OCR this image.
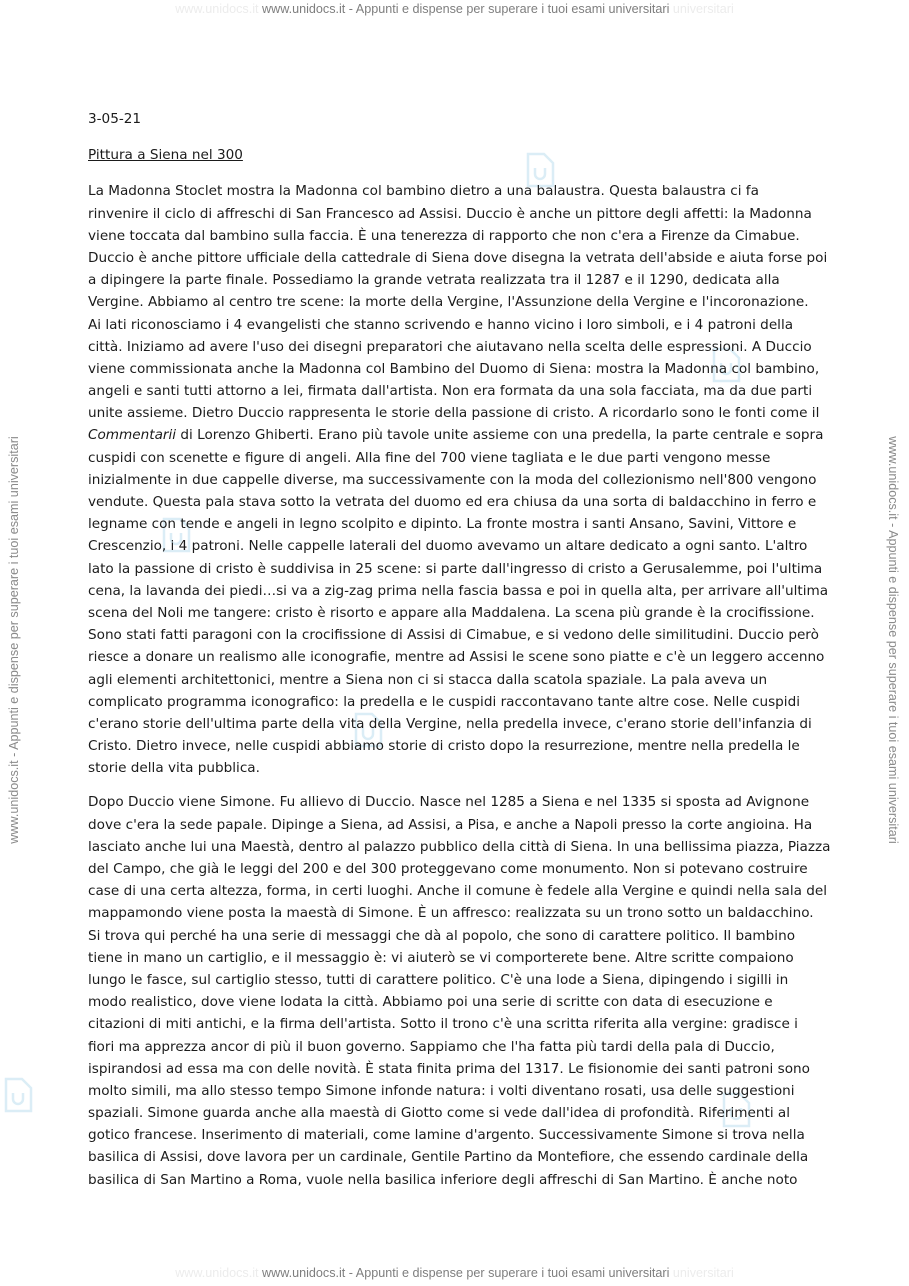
www.unidocs.it www.unidocs.it - Appunti e dispense per superare i tuoi esami universitari universitari
www.unidocs.it - Appunti e dispense per superare i tuoi esami universitari	www.unidocs.it - Appunti e dispense per superare i tuoi esami universitari
3-05-21
Pittura a Siena nel 300
La Madonna Stoclet mostra la Madonna col bambino dietro a una balaustra. Questa balaustra ci fa
rinvenire il ciclo di affreschi di San Francesco ad Assisi. Duccio è anche un pittore degli affetti: la Madonna
viene toccata dal bambino sulla faccia. È una tenerezza di rapporto che non c'era a Firenze da Cimabue.
Duccio è anche pittore ufficiale della cattedrale di Siena dove disegna la vetrata dell'abside e aiuta forse poi
a dipingere la parte finale. Possediamo la grande vetrata realizzata tra il 1287 e il 1290, dedicata alla
Vergine. Abbiamo al centro tre scene: la morte della Vergine, l'Assunzione della Vergine e l'incoronazione.
Ai lati riconosciamo i 4 evangelisti che stanno scrivendo e hanno vicino i loro simboli, e i 4 patroni della
città. Iniziamo ad avere l'uso dei disegni preparatori che aiutavano nella scelta delle espressioni. A Duccio
viene commissionata anche la Madonna col Bambino del Duomo di Siena: mostra la Madonna col bambino,
angeli e santi tutti attorno a lei, firmata dall'artista. Non era formata da una sola facciata, ma da due parti
unite assieme. Dietro Duccio rappresenta le storie della passione di cristo. A ricordarlo sono le fonti come il
Commentarii di Lorenzo Ghiberti. Erano più tavole unite assieme con una predella, la parte centrale e sopra
cuspidi con scenette e figure di angeli. Alla fine del 700 viene tagliata e le due parti vengono messe
inizialmente in due cappelle diverse, ma successivamente con la moda del collezionismo nell'800 vengono
vendute. Questa pala stava sotto la vetrata del duomo ed era chiusa da una sorta di baldacchino in ferro e
legname con tende e angeli in legno scolpito e dipinto. La fronte mostra i santi Ansano, Savini, Vittore e
Crescenzio, i 4 patroni. Nelle cappelle laterali del duomo avevamo un altare dedicato a ogni santo. L'altro
lato la passione di cristo è suddivisa in 25 scene: si parte dall'ingresso di cristo a Gerusalemme, poi l'ultima
cena, la lavanda dei piedi…si va a zig-zag prima nella fascia bassa e poi in quella alta, per arrivare all'ultima
scena del Noli me tangere: cristo è risorto e appare alla Maddalena. La scena più grande è la crocifissione.
Sono stati fatti paragoni con la crocifissione di Assisi di Cimabue, e si vedono delle similitudini. Duccio però
riesce a donare un realismo alle iconografie, mentre ad Assisi le scene sono piatte e c'è un leggero accenno
agli elementi architettonici, mentre a Siena non ci si stacca dalla scatola spaziale. La pala aveva un
complicato programma iconografico: la predella e le cuspidi raccontavano tante altre cose. Nelle cuspidi
c'erano storie dell'ultima parte della vita della Vergine, nella predella invece, c'erano storie dell'infanzia di
Cristo. Dietro invece, nelle cuspidi abbiamo storie di cristo dopo la resurrezione, mentre nella predella le
storie della vita pubblica.
Dopo Duccio viene Simone. Fu allievo di Duccio. Nasce nel 1285 a Siena e nel 1335 si sposta ad Avignone
dove c'era la sede papale. Dipinge a Siena, ad Assisi, a Pisa, e anche a Napoli presso la corte angioina. Ha
lasciato anche lui una Maestà, dentro al palazzo pubblico della città di Siena. In una bellissima piazza, Piazza
del Campo, che già le leggi del 200 e del 300 proteggevano come monumento. Non si potevano costruire
case di una certa altezza, forma, in certi luoghi. Anche il comune è fedele alla Vergine e quindi nella sala del
mappamondo viene posta la maestà di Simone. È un affresco: realizzata su un trono sotto un baldacchino.
Si trova qui perché ha una serie di messaggi che dà al popolo, che sono di carattere politico. Il bambino
tiene in mano un cartiglio, e il messaggio è: vi aiuterò se vi comporterete bene. Altre scritte compaiono
lungo le fasce, sul cartiglio stesso, tutti di carattere politico. C'è una lode a Siena, dipingendo i sigilli in
modo realistico, dove viene lodata la città. Abbiamo poi una serie di scritte con data di esecuzione e
citazioni di miti antichi, e la firma dell'artista. Sotto il trono c'è una scritta riferita alla vergine: gradisce i
fiori ma apprezza ancor di più il buon governo. Sappiamo che l'ha fatta più tardi della pala di Duccio,
ispirandosi ad essa ma con delle novità. È stata finita prima del 1317. Le fisionomie dei santi patroni sono
molto simili, ma allo stesso tempo Simone infonde natura: i volti diventano rosati, usa delle suggestioni
spaziali. Simone guarda anche alla maestà di Giotto come si vede dall'idea di profondità. Riferimenti al
gotico francese. Inserimento di materiali, come lamine d'argento. Successivamente Simone si trova nella
basilica di Assisi, dove lavora per un cardinale, Gentile Partino da Montefiore, che essendo cardinale della
basilica di San Martino a Roma, vuole nella basilica inferiore degli affreschi di San Martino. È anche noto
www.unidocs.it www.unidocs.it - Appunti e dispense per superare i tuoi esami universitari universitari
